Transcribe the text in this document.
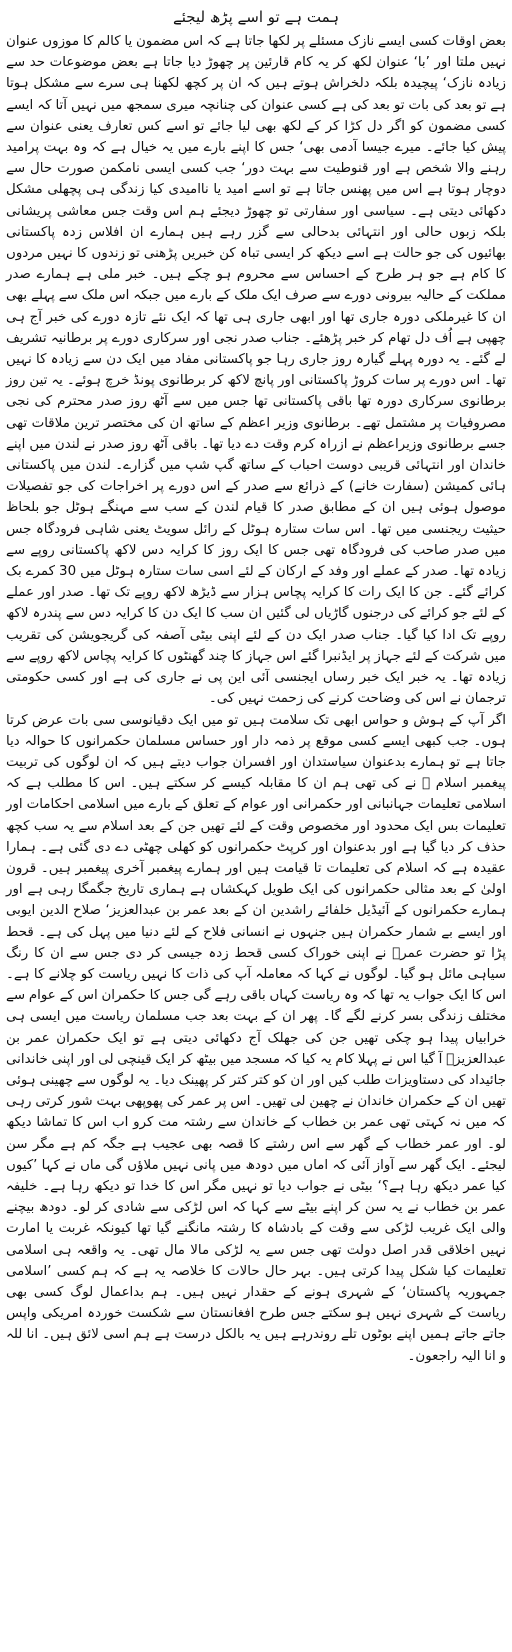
ہمت ہے تو اسے پڑھ لیجئے

بعض اوقات کسی ایسے نازک مسئلے پر لکھا جاتا ہے کہ اس مضمون یا کالم کا موزوں عنوان نہیں ملتا اور ’با‘ عنوان لکھ کر یہ کام قارئین پر چھوڑ دیا جاتا ہے بعض موضوعات حد سے زیادہ نازک‘ پیچیدہ بلکہ دلخراش ہوتے ہیں کہ ان پر کچھ لکھنا ہی سرے سے مشکل ہوتا ہے تو بعد کی بات تو بعد کی ہے کسی عنوان کی چنانچہ میری سمجھ میں نہیں آتا کہ ایسے کسی مضمون کو اگر دل کڑا کر کے لکھ بھی لیا جائے تو اسے کس تعارف یعنی عنوان سے پیش کیا جائے۔ میرے جیسا آدمی بھی‘ جس کا اپنے بارے میں یہ خیال ہے کہ وہ بہت پرامید رہنے والا شخص ہے اور قنوطیت سے بہت دور‘ جب کسی ایسی نامکمن صورت حال سے دوچار ہوتا ہے اس میں پھنس جاتا ہے تو اسے امید یا ناامیدی کیا زندگی ہی پچھلی مشکل دکھائی دیتی ہے۔ سیاسی اور سفارتی تو چھوڑ دیجئے ہم اس وقت جس معاشی پریشانی بلکہ زبوں حالی اور انتہائی بدحالی سے گزر رہے ہیں ہمارے ان افلاس زدہ پاکستانی بھائیوں کی جو حالت ہے اسے دیکھ کر ایسی تباہ کن خبریں پڑھنی تو زندوں کا نہیں مردوں کا کام ہے جو ہر طرح کے احساس سے محروم ہو چکے ہیں۔ خبر ملی ہے ہمارے صدر مملکت کے حالیہ بیرونی دورے سے صرف ایک ملک کے بارے میں جبکہ اس ملک سے پہلے بھی ان کا غیرملکی دورہ جاری تھا اور ابھی جاری ہی تھا کہ ایک نئے تازہ دورے کی خبر آج ہی چھپی ہے اُف دل تھام کر خبر پڑھئے۔ جناب صدر نجی اور سرکاری دورے پر برطانیہ تشریف لے گئے۔ یہ دورہ پہلے گیارہ روز جاری رہا جو پاکستانی مفاد میں ایک دن سے زیادہ کا نہیں تھا۔ اس دورے پر سات کروڑ پاکستانی اور پانچ لاکھ کر برطانوی پونڈ خرچ ہوئے۔ یہ تین روز برطانوی سرکاری دورہ تھا باقی پاکستانی تھا جس میں سے آٹھ روز صدر محترم کی نجی مصروفیات پر مشتمل تھے۔ برطانوی وزیر اعظم کے ساتھ ان کی مختصر ترین ملاقات تھی جسے برطانوی وزیراعظم نے ازراہ کرم وقت دے دیا تھا۔ باقی آٹھ روز صدر نے لندن میں اپنے خاندان اور انتہائی قریبی دوست احباب کے ساتھ گپ شپ میں گزارے۔ لندن میں پاکستانی ہائی کمیشن (سفارت خانے) کے ذرائع سے صدر کے اس دورے پر اخراجات کی جو تفصیلات موصول ہوئی ہیں ان کے مطابق صدر کا قیام لندن کے سب سے مہنگے ہوٹل جو بلحاظ حیثیت ریجنسی میں تھا۔ اس سات ستارہ ہوٹل کے رائل سویٹ یعنی شاہی فرودگاہ جس میں صدر صاحب کی فرودگاہ تھی جس کا ایک روز کا کرایہ دس لاکھ پاکستانی روپے سے زیادہ تھا۔ صدر کے عملے اور وفد کے ارکان کے لئے اسی سات ستارہ ہوٹل میں 30 کمرے بک کرائے گئے۔ جن کا ایک رات کا کرایہ پچاس ہزار سے ڈیڑھ لاکھ روپے تک تھا۔ صدر اور عملے کے لئے جو کرائے کی درجنوں گاڑیاں لی گئیں ان سب کا ایک دن کا کرایہ دس سے پندرہ لاکھ روپے تک ادا کیا گیا۔ جناب صدر ایک دن کے لئے اپنی بیٹی آصفہ کی گریجویشن کی تقریب میں شرکت کے لئے جہاز پر ایڈنبرا گئے اس جہاز کا چند گھنٹوں کا کرایہ پچاس لاکھ روپے سے زیادہ تھا۔ یہ خبر ایک خبر رساں ایجنسی آئی این پی نے جاری کی ہے اور کسی حکومتی ترجمان نے اس کی وضاحت کرنے کی زحمت نہیں کی۔

اگر آپ کے ہوش و حواس ابھی تک سلامت ہیں تو میں ایک دقیانوسی سی بات عرض کرتا ہوں۔ جب کبھی ایسے کسی موقع پر ذمہ دار اور حساس مسلمان حکمرانوں کا حوالہ دیا جاتا ہے تو ہمارے بدعنوان سیاستدان اور افسران جواب دیتے ہیں کہ ان لوگوں کی تربیت پیغمبر اسلام ﷺ نے کی تھی ہم ان کا مقابلہ کیسے کر سکتے ہیں۔ اس کا مطلب ہے کہ اسلامی تعلیمات جہانبانی اور حکمرانی اور عوام کے تعلق کے بارے میں اسلامی احکامات اور تعلیمات بس ایک محدود اور مخصوص وقت کے لئے تھیں جن کے بعد اسلام سے یہ سب کچھ حذف کر دیا گیا ہے اور بدعنوان اور کرپٹ حکمرانوں کو کھلی چھٹی دے دی گئی ہے۔ ہمارا عقیدہ ہے کہ اسلام کی تعلیمات تا قیامت ہیں اور ہمارے پیغمبر آخری پیغمبر ہیں۔ قرون اولیٰ کے بعد مثالی حکمرانوں کی ایک طویل کہکشاں ہے ہماری تاریخ جگمگا رہی ہے اور ہمارے حکمرانوں کے آئیڈیل خلفائے راشدین ان کے بعد عمر بن عبدالعزیز‘ صلاح الدین ایوبی اور ایسے بے شمار حکمران ہیں جنہوں نے انسانی فلاح کے لئے دنیا میں پہل کی ہے۔ قحط پڑا تو حضرت عمرؓ نے اپنی خوراک کسی قحط زدہ جیسی کر دی جس سے ان کا رنگ سیاہی مائل ہو گیا۔ لوگوں نے کہا کہ معاملہ آپ کی ذات کا نہیں ریاست کو چلانے کا ہے۔ اس کا ایک جواب یہ تھا کہ وہ ریاست کہاں باقی رہے گی جس کا حکمران اس کے عوام سے مختلف زندگی بسر کرنے لگے گا۔ پھر ان کے بہت بعد جب مسلمان ریاست میں ایسی ہی خرابیاں پیدا ہو چکی تھیں جن کی جھلک آج دکھائی دیتی ہے تو ایک حکمران عمر بن عبدالعزیزؒ آ گیا اس نے پہلا کام یہ کیا کہ مسجد میں بیٹھ کر ایک قینچی لی اور اپنی خاندانی جائیداد کی دستاویزات طلب کیں اور ان کو کتر کتر کر پھینک دیا۔ یہ لوگوں سے چھینی ہوئی تھیں ان کے حکمران خاندان نے چھین لی تھیں۔ اس پر عمر کی پھوپھی بہت شور کرتی رہی کہ میں نہ کہتی تھی عمر بن خطاب کے خاندان سے رشتہ مت کرو اب اس کا تماشا دیکھ لو۔ اور عمر خطاب کے گھر سے اس رشتے کا قصہ بھی عجیب ہے جگہ کم ہے مگر سن لیجئے۔ ایک گھر سے آواز آئی کہ اماں میں دودھ میں پانی نہیں ملاؤں گی ماں نے کہا ’کیوں کیا عمر دیکھ رہا ہے؟‘ بیٹی نے جواب دیا تو نہیں مگر اس کا خدا تو دیکھ رہا ہے۔ خلیفہ عمر بن خطاب نے یہ سن کر اپنے بیٹے سے کہا کہ اس لڑکی سے شادی کر لو۔ دودھ بیچنے والی ایک غریب لڑکی سے وقت کے بادشاہ کا رشتہ مانگنے گیا تھا کیونکہ غربت یا امارت نہیں اخلاقی قدر اصل دولت تھی جس سے یہ لڑکی مالا مال تھی۔ یہ واقعہ ہی اسلامی تعلیمات کیا شکل پیدا کرتی ہیں۔ بہر حال حالات کا خلاصہ یہ ہے کہ ہم کسی ’اسلامی جمہوریہ پاکستان‘ کے شہری ہونے کے حقدار نہیں ہیں۔ ہم بداعمال لوگ کسی بھی ریاست کے شہری نہیں ہو سکتے جس طرح افغانستان سے شکست خوردہ امریکی واپس جاتے جاتے ہمیں اپنے بوٹوں تلے روندرہے ہیں یہ بالکل درست ہے ہم اسی لائق ہیں۔ انا للہ و انا الیہ راجعون۔
